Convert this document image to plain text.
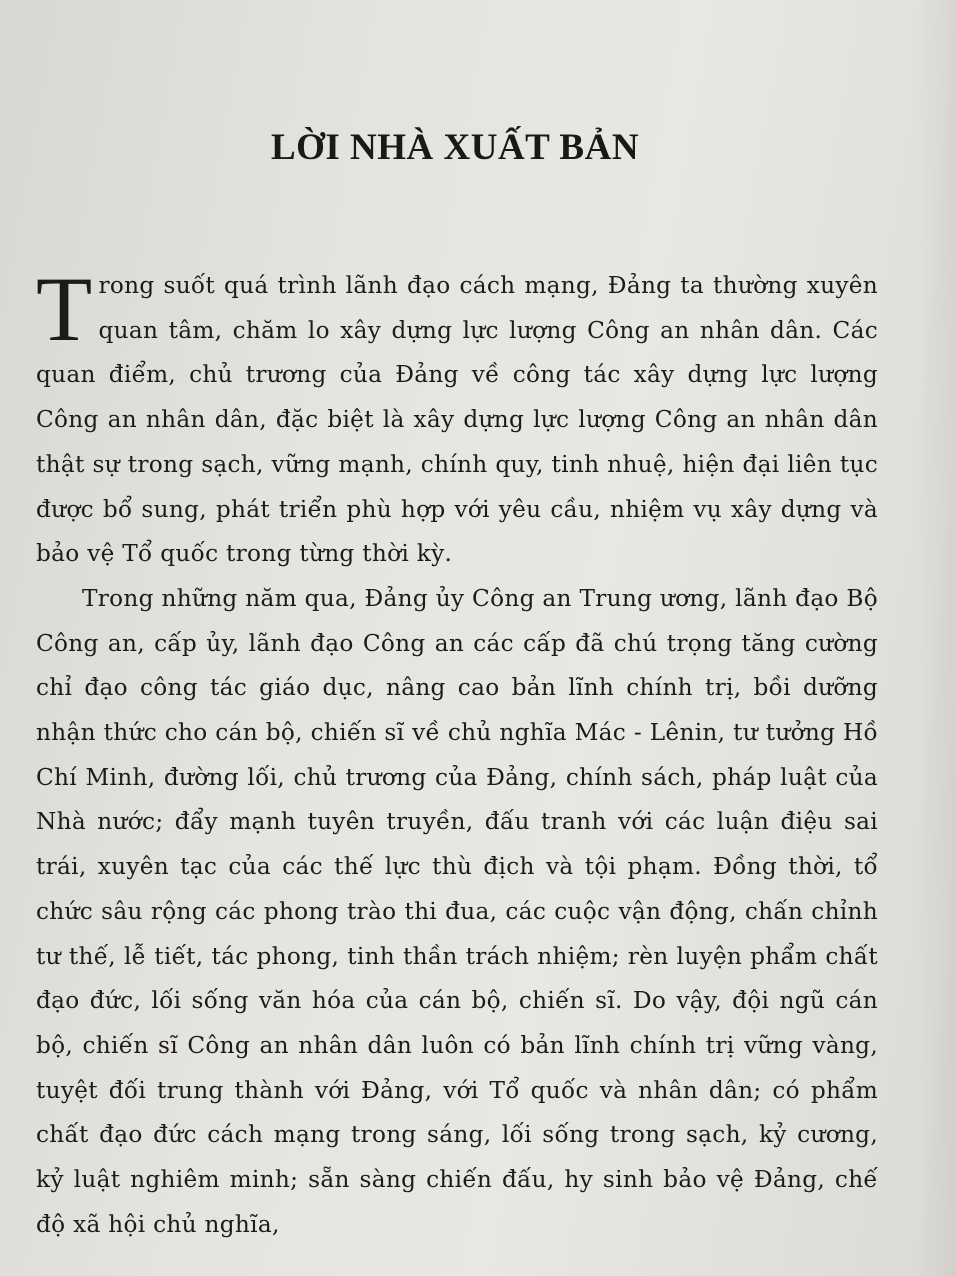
LỜI NHÀ XUẤT BẢN

Trong suốt quá trình lãnh đạo cách mạng, Đảng ta thường xuyên quan tâm, chăm lo xây dựng lực lượng Công an nhân dân. Các quan điểm, chủ trương của Đảng về công tác xây dựng lực lượng Công an nhân dân, đặc biệt là xây dựng lực lượng Công an nhân dân thật sự trong sạch, vững mạnh, chính quy, tinh nhuệ, hiện đại liên tục được bổ sung, phát triển phù hợp với yêu cầu, nhiệm vụ xây dựng và bảo vệ Tổ quốc trong từng thời kỳ.

Trong những năm qua, Đảng ủy Công an Trung ương, lãnh đạo Bộ Công an, cấp ủy, lãnh đạo Công an các cấp đã chú trọng tăng cường chỉ đạo công tác giáo dục, nâng cao bản lĩnh chính trị, bồi dưỡng nhận thức cho cán bộ, chiến sĩ về chủ nghĩa Mác - Lênin, tư tưởng Hồ Chí Minh, đường lối, chủ trương của Đảng, chính sách, pháp luật của Nhà nước; đẩy mạnh tuyên truyền, đấu tranh với các luận điệu sai trái, xuyên tạc của các thế lực thù địch và tội phạm. Đồng thời, tổ chức sâu rộng các phong trào thi đua, các cuộc vận động, chấn chỉnh tư thế, lễ tiết, tác phong, tinh thần trách nhiệm; rèn luyện phẩm chất đạo đức, lối sống văn hóa của cán bộ, chiến sĩ. Do vậy, đội ngũ cán bộ, chiến sĩ Công an nhân dân luôn có bản lĩnh chính trị vững vàng, tuyệt đối trung thành với Đảng, với Tổ quốc và nhân dân; có phẩm chất đạo đức cách mạng trong sáng, lối sống trong sạch, kỷ cương, kỷ luật nghiêm minh; sẵn sàng chiến đấu, hy sinh bảo vệ Đảng, chế độ xã hội chủ nghĩa,
